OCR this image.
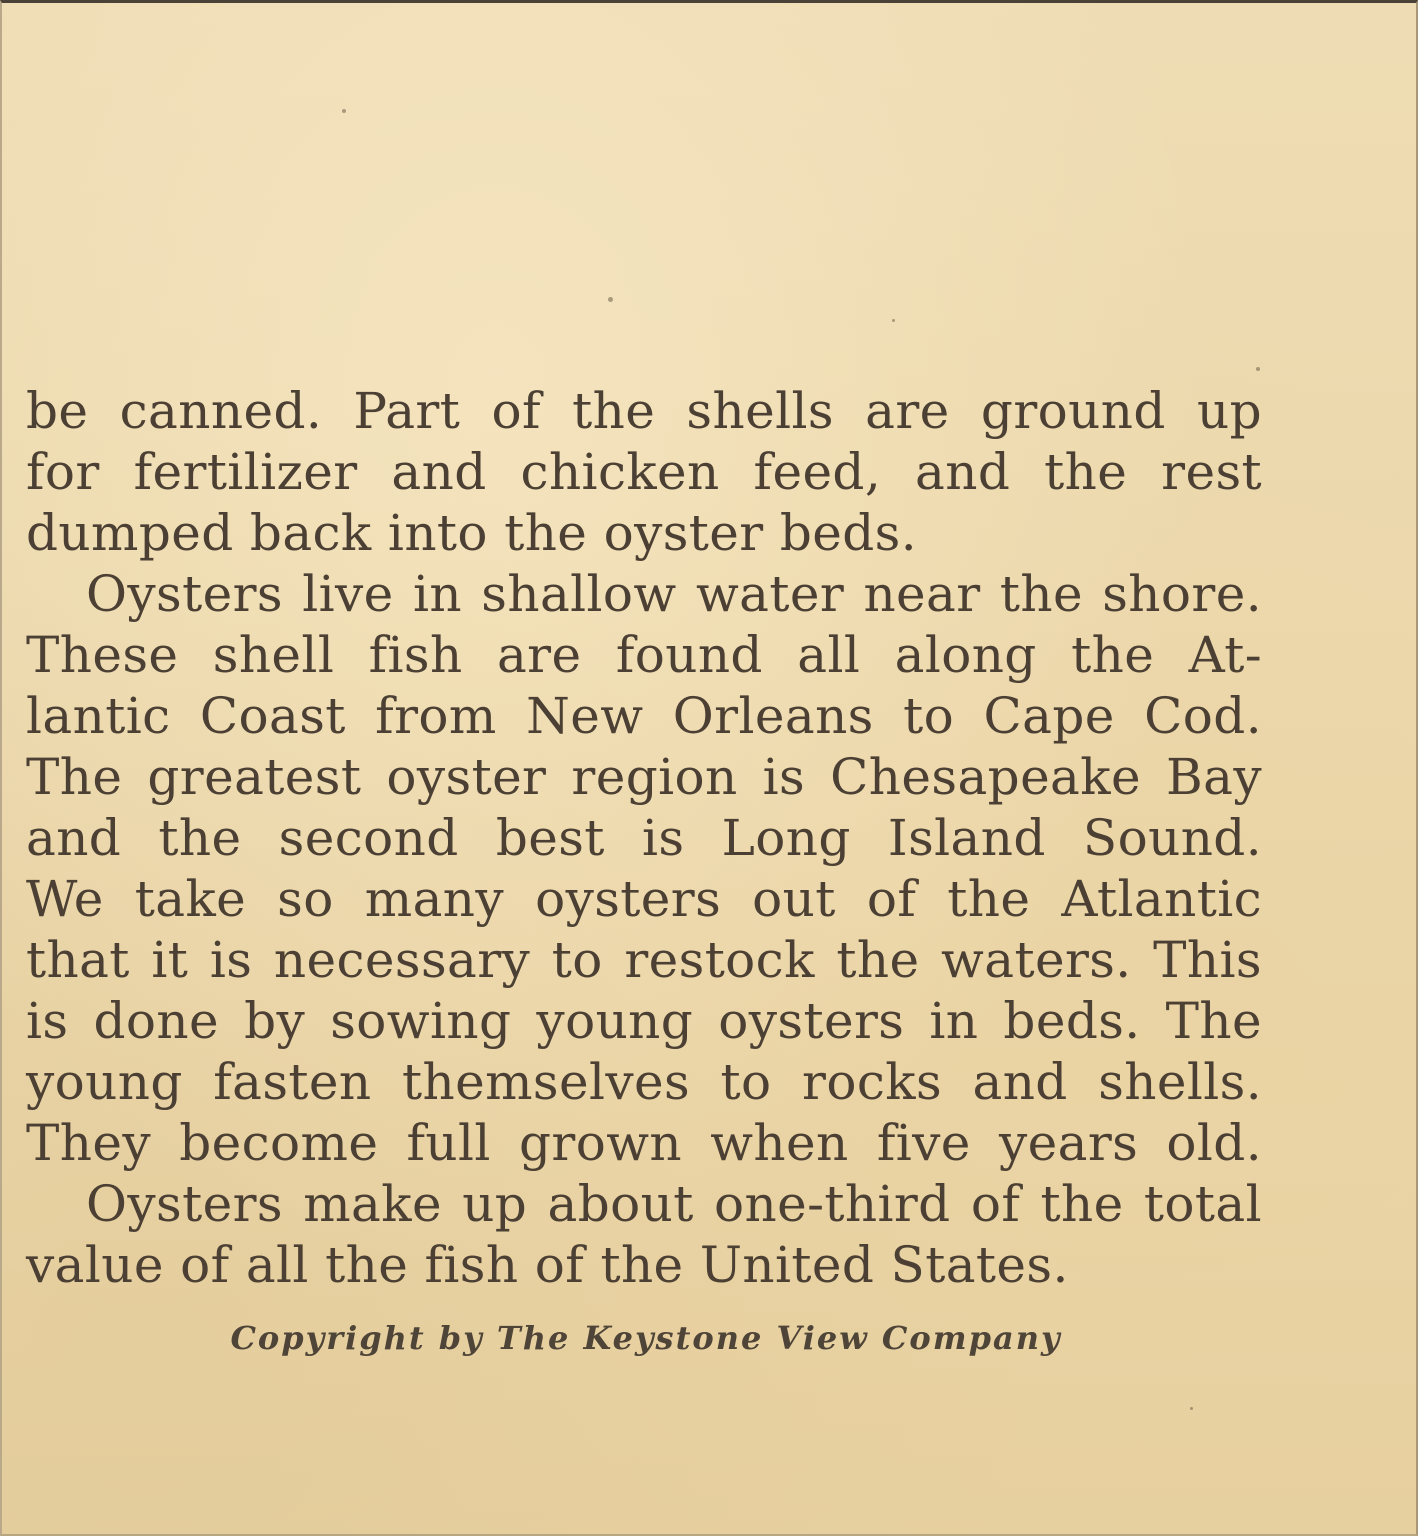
be canned. Part of the shells are ground up
for fertilizer and chicken feed, and the rest
dumped back into the oyster beds.
Oysters live in shallow water near the shore.
These shell fish are found all along the At-
lantic Coast from New Orleans to Cape Cod.
The greatest oyster region is Chesapeake Bay
and the second best is Long Island Sound.
We take so many oysters out of the Atlantic
that it is necessary to restock the waters. This
is done by sowing young oysters in beds. The
young fasten themselves to rocks and shells.
They become full grown when five years old.
Oysters make up about one-third of the total
value of all the fish of the United States.
Copyright by The Keystone View Company
